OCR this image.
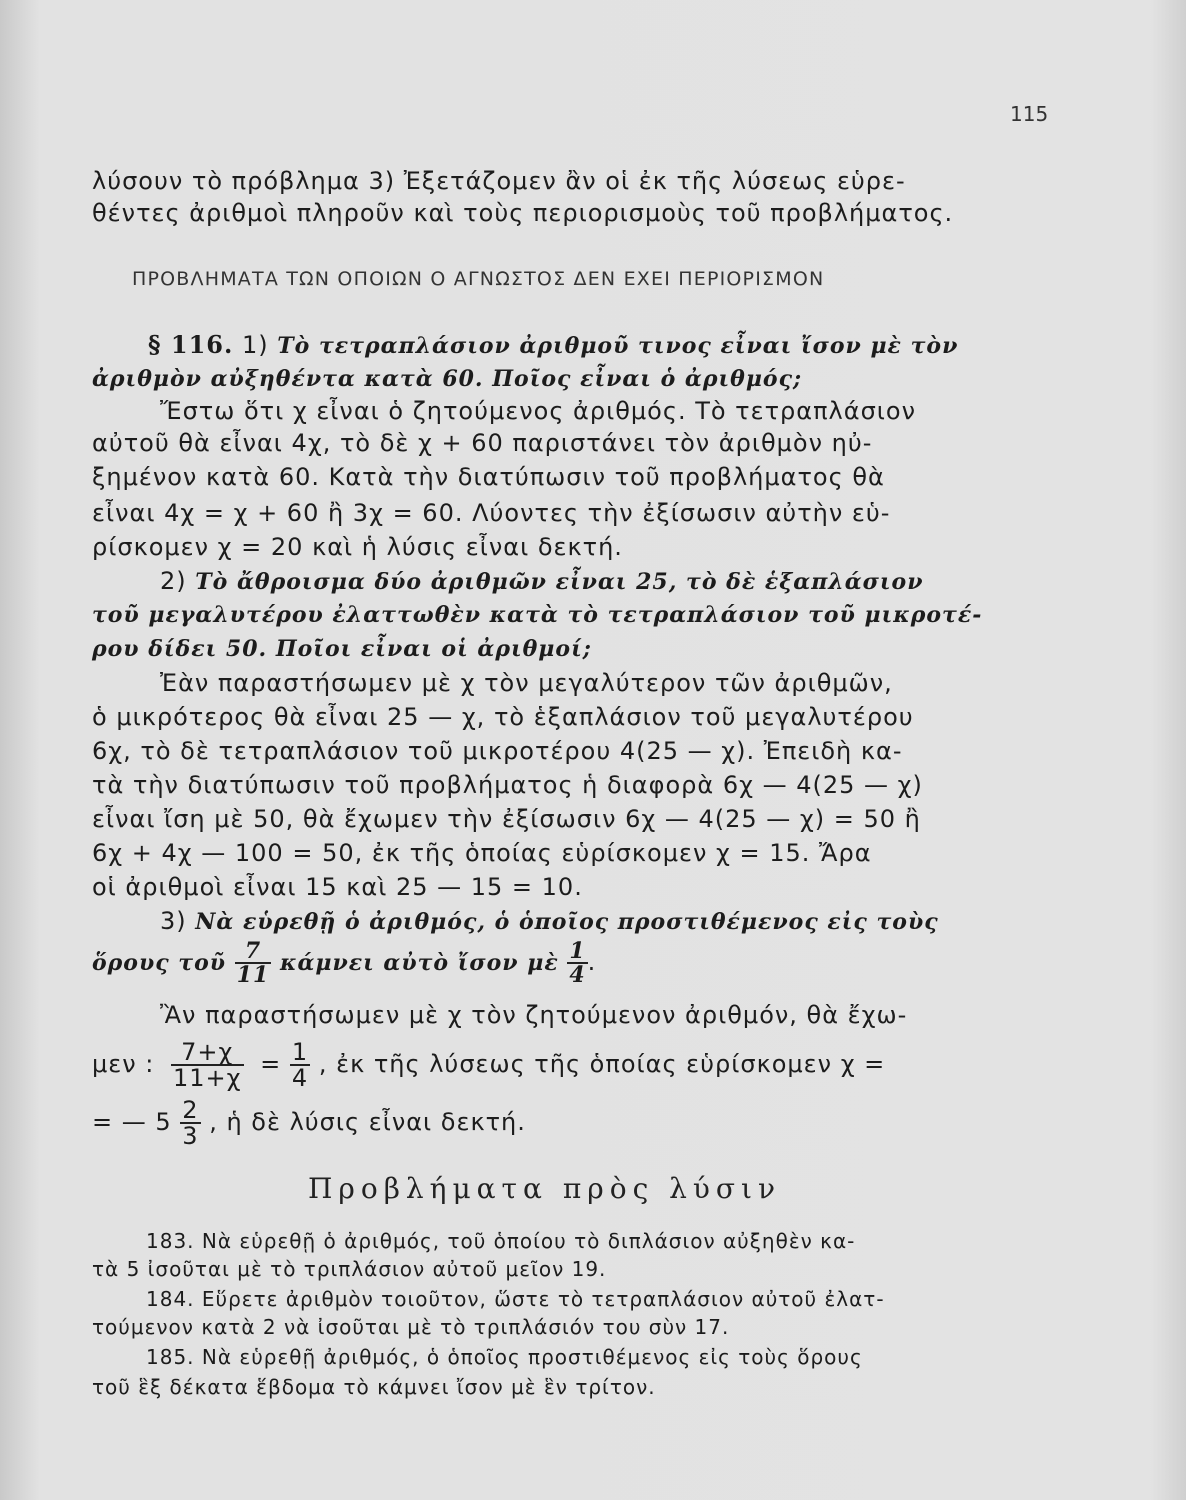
115
λύσουν τὸ πρόβλημα 3) Ἐξετάζομεν ἂν οἱ ἐκ τῆς λύσεως εὑρε-
θέντες ἀριθμοὶ πληροῦν καὶ τοὺς περιορισμοὺς τοῦ προβλήματος.
ΠΡΟΒΛΗΜΑΤΑ ΤΩΝ ΟΠΟΙΩΝ Ο ΑΓΝΩΣΤΟΣ ΔΕΝ ΕΧΕΙ ΠΕΡΙΟΡΙΣΜΟΝ
§ 116. 1) Τὸ τετραπλάσιον ἀριθμοῦ τινος εἶναι ἴσον μὲ τὸν
ἀριθμὸν αὐξηθέντα κατὰ 60. Ποῖος εἶναι ὁ ἀριθμός;
Ἔστω ὅτι χ εἶναι ὁ ζητούμενος ἀριθμός. Τὸ τετραπλάσιον
αὐτοῦ θὰ εἶναι 4χ, τὸ δὲ χ + 60 παριστάνει τὸν ἀριθμὸν ηὐ-
ξημένον κατὰ 60. Κατὰ τὴν διατύπωσιν τοῦ προβλήματος θὰ
εἶναι 4χ = χ + 60 ἢ 3χ = 60. Λύοντες τὴν ἐξίσωσιν αὐτὴν εὑ-
ρίσκομεν χ = 20 καὶ ἡ λύσις εἶναι δεκτή.
2) Τὸ ἄθροισμα δύο ἀριθμῶν εἶναι 25, τὸ δὲ ἑξαπλάσιον
τοῦ μεγαλυτέρου ἐλαττωθὲν κατὰ τὸ τετραπλάσιον τοῦ μικροτέ-
ρου δίδει 50. Ποῖοι εἶναι οἱ ἀριθμοί;
Ἐὰν παραστήσωμεν μὲ χ τὸν μεγαλύτερον τῶν ἀριθμῶν,
ὁ μικρότερος θὰ εἶναι 25 — χ, τὸ ἑξαπλάσιον τοῦ μεγαλυτέρου
6χ, τὸ δὲ τετραπλάσιον τοῦ μικροτέρου 4(25 — χ). Ἐπειδὴ κα-
τὰ τὴν διατύπωσιν τοῦ προβλήματος ἡ διαφορὰ 6χ — 4(25 — χ)
εἶναι ἴση μὲ 50, θὰ ἔχωμεν τὴν ἐξίσωσιν 6χ — 4(25 — χ) = 50 ἢ
6χ + 4χ — 100 = 50, ἐκ τῆς ὁποίας εὑρίσκομεν χ = 15. Ἄρα
οἱ ἀριθμοὶ εἶναι 15 καὶ 25 — 15 = 10.
3) Νὰ εὑρεθῇ ὁ ἀριθμός, ὁ ὁποῖος προστιθέμενος εἰς τοὺς
ὅρους τοῦ $\frac{7}{11}$ κάμνει αὐτὸ ἴσον μὲ $\frac{1}{4}$ .
Ἂν παραστήσωμεν μὲ χ τὸν ζητούμενον ἀριθμόν, θὰ ἔχω-
μεν : $\frac{7+\chi}{11+\chi} = \frac{1}{4}$ , ἐκ τῆς λύσεως τῆς ὁποίας εὑρίσκομεν χ =
= — $5 \frac{2}{3}$ , ἡ δὲ λύσις εἶναι δεκτή.
Προβλήματα πρὸς λύσιν
183. Νὰ εὑρεθῇ ὁ ἀριθμός, τοῦ ὁποίου τὸ διπλάσιον αὐξηθὲν κα-
τὰ 5 ἰσοῦται μὲ τὸ τριπλάσιον αὐτοῦ μεῖον 19.
184. Εὕρετε ἀριθμὸν τοιοῦτον, ὥστε τὸ τετραπλάσιον αὐτοῦ ἐλατ-
τούμενον κατὰ 2 νὰ ἰσοῦται μὲ τὸ τριπλάσιόν του σὺν 17.
185. Νὰ εὑρεθῇ ἀριθμός, ὁ ὁποῖος προστιθέμενος εἰς τοὺς ὅρους
τοῦ ἓξ δέκατα ἕβδομα τὸ κάμνει ἴσον μὲ ἓν τρίτον.
